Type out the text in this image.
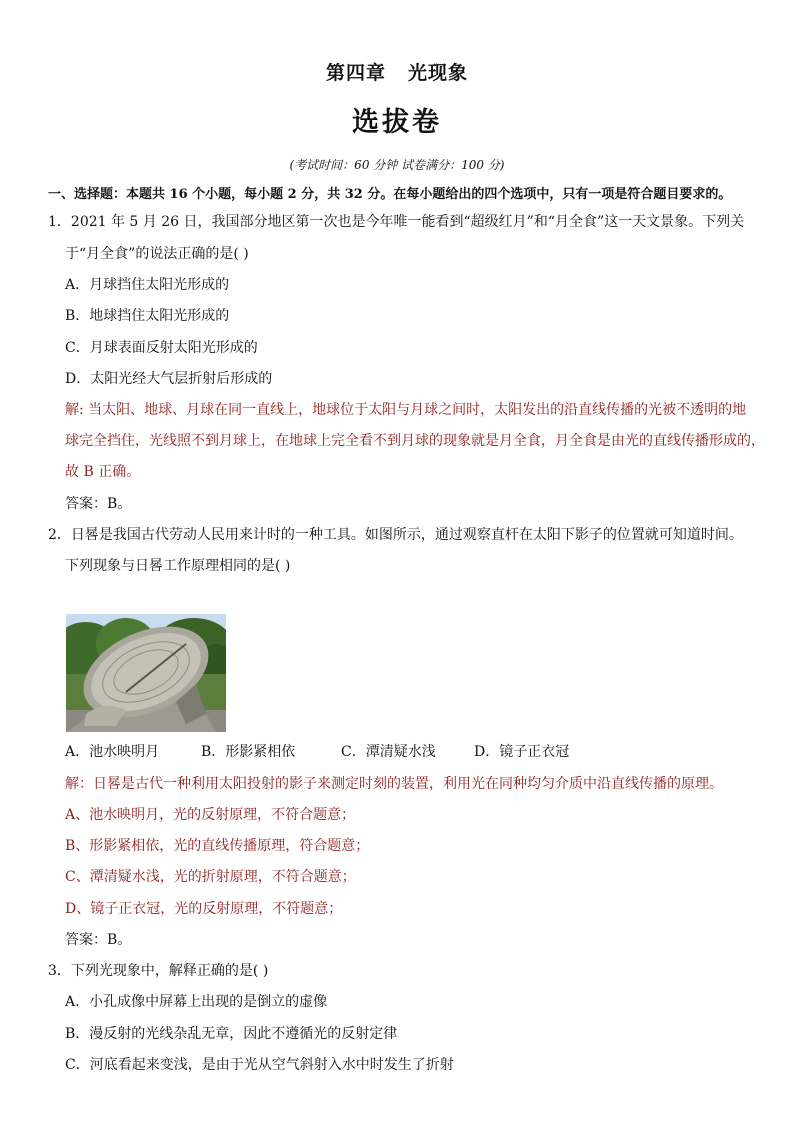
第四章 光现象
选拔卷
(考试时间：60 分钟 试卷满分：100 分)
一、选择题：本题共 16 个小题，每小题 2 分，共 32 分。在每小题给出的四个选项中，只有一项是符合题目要求的。
1．2021 年 5 月 26 日，我国部分地区第一次也是今年唯一能看到“超级红月”和“月全食”这一天文景象。下列关
于“月全食”的说法正确的是( )
A．月球挡住太阳光形成的
B．地球挡住太阳光形成的
C．月球表面反射太阳光形成的
D．太阳光经大气层折射后形成的
解: 当太阳、地球、月球在同一直线上，地球位于太阳与月球之间时，太阳发出的沿直线传播的光被不透明的地
球完全挡住，光线照不到月球上，在地球上完全看不到月球的现象就是月全食，月全食是由光的直线传播形成的，
故 B 正确。
答案：B。
2．日晷是我国古代劳动人民用来计时的一种工具。如图所示，通过观察直杆在太阳下影子的位置就可知道时间。
下列现象与日晷工作原理相同的是( )
A．池水映明月	B．形影紧相依	C．潭清疑水浅	D．镜子正衣冠
解：日晷是古代一种利用太阳投射的影子来测定时刻的装置，利用光在同种均匀介质中沿直线传播的原理。
A、池水映明月，光的反射原理，不符合题意；
B、形影紧相依，光的直线传播原理，符合题意；
C、潭清疑水浅，光的折射原理，不符合题意；
D、镜子正衣冠，光的反射原理，不符题意；
答案：B。
3．下列光现象中，解释正确的是( )
A．小孔成像中屏幕上出现的是倒立的虚像
B．漫反射的光线杂乱无章，因此不遵循光的反射定律
C．河底看起来变浅，是由于光从空气斜射入水中时发生了折射
